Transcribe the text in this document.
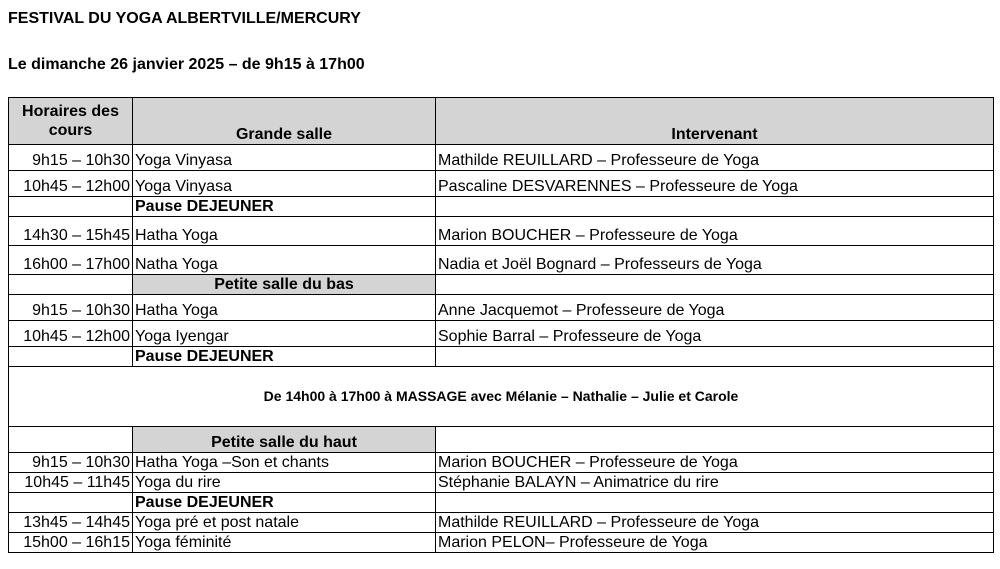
FESTIVAL DU YOGA ALBERTVILLE/MERCURY
Le dimanche 26 janvier 2025 – de 9h15 à 17h00
Horaires des cours	Grande salle	Intervenant
9h15 – 10h30	Yoga Vinyasa	Mathilde REUILLARD – Professeure de Yoga
10h45 – 12h00	Yoga Vinyasa	Pascaline DESVARENNES – Professeure de Yoga
	Pause DEJEUNER	
14h30 – 15h45	Hatha Yoga	Marion BOUCHER – Professeure de Yoga
16h00 – 17h00	Natha Yoga	Nadia et Joël Bognard – Professeurs de Yoga
	Petite salle du bas	
9h15 – 10h30	Hatha Yoga	Anne Jacquemot – Professeure de Yoga
10h45 – 12h00	Yoga Iyengar	Sophie Barral – Professeure de Yoga
	Pause DEJEUNER	
De 14h00 à 17h00 à MASSAGE avec Mélanie – Nathalie – Julie et Carole		
	Petite salle du haut	
9h15 – 10h30	Hatha Yoga –Son et chants	Marion BOUCHER – Professeure de Yoga
10h45 – 11h45	Yoga du rire	Stéphanie BALAYN – Animatrice du rire
	Pause DEJEUNER	
13h45 – 14h45	Yoga pré et post natale	Mathilde REUILLARD – Professeure de Yoga
15h00 – 16h15	Yoga féminité	Marion PELON– Professeure de Yoga
